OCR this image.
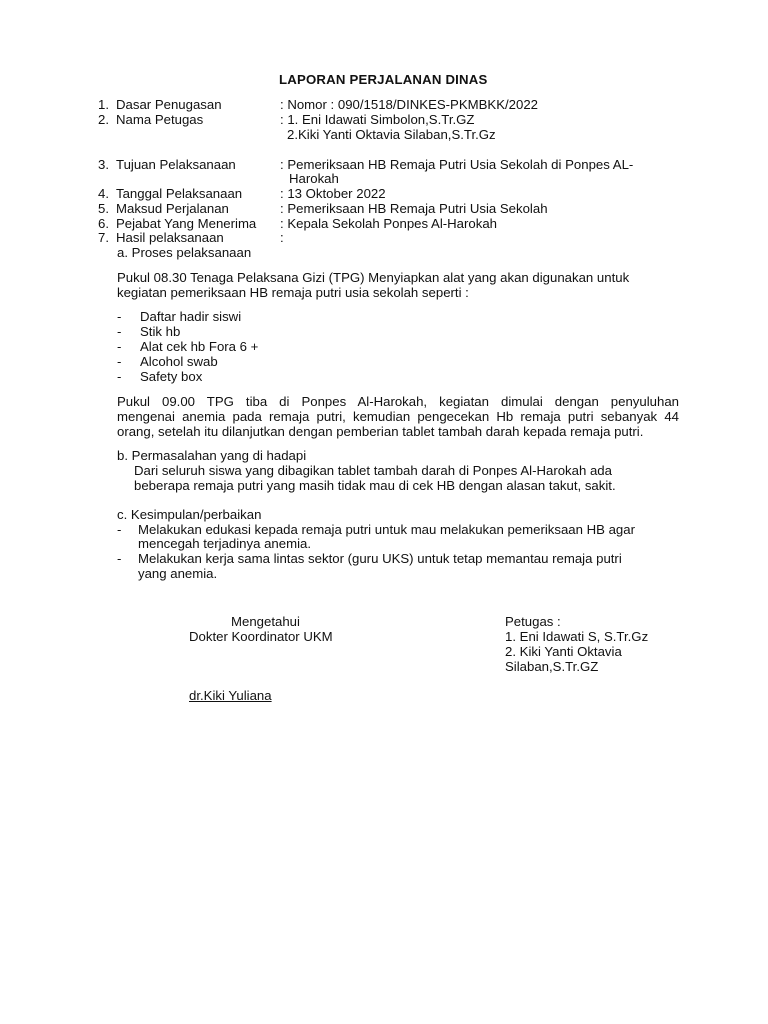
LAPORAN PERJALANAN DINAS
1. Dasar Penugasan	: Nomor : 090/1518/DINKES-PKMBKK/2022
2. Nama Petugas	: 1. Eni Idawati Simbolon,S.Tr.GZ
2.Kiki Yanti Oktavia Silaban,S.Tr.Gz
3. Tujuan Pelaksanaan	: Pemeriksaan HB Remaja Putri Usia Sekolah di Ponpes AL-
Harokah
4. Tanggal Pelaksanaan	: 13 Oktober 2022
5. Maksud Perjalanan	: Pemeriksaan HB Remaja Putri Usia Sekolah
6. Pejabat Yang Menerima : Kepala Sekolah Ponpes Al-Harokah
7. Hasil pelaksanaan	:
a. Proses pelaksanaan
Pukul 08.30 Tenaga Pelaksana Gizi (TPG) Menyiapkan alat yang akan digunakan untuk
kegiatan pemeriksaan HB remaja putri usia sekolah seperti :
- Daftar hadir siswi
- Stik hb
- Alat cek hb Fora 6 +
- Alcohol swab
- Safety box
Pukul 09.00 TPG tiba di Ponpes Al-Harokah, kegiatan dimulai dengan penyuluhan
mengenai anemia pada remaja putri, kemudian pengecekan Hb remaja putri sebanyak 44
orang, setelah itu dilanjutkan dengan pemberian tablet tambah darah kepada remaja putri.
b. Permasalahan yang di hadapi
Dari seluruh siswa yang dibagikan tablet tambah darah di Ponpes Al-Harokah ada
beberapa remaja putri yang masih tidak mau di cek HB dengan alasan takut, sakit.
c. Kesimpulan/perbaikan
- Melakukan edukasi kepada remaja putri untuk mau melakukan pemeriksaan HB agar
mencegah terjadinya anemia.
- Melakukan kerja sama lintas sektor (guru UKS) untuk tetap memantau remaja putri
yang anemia.
Mengetahui
Dokter Koordinator UKM
dr.Kiki Yuliana
Petugas :
1. Eni Idawati S, S.Tr.Gz
2. Kiki Yanti Oktavia
Silaban,S.Tr.GZ
